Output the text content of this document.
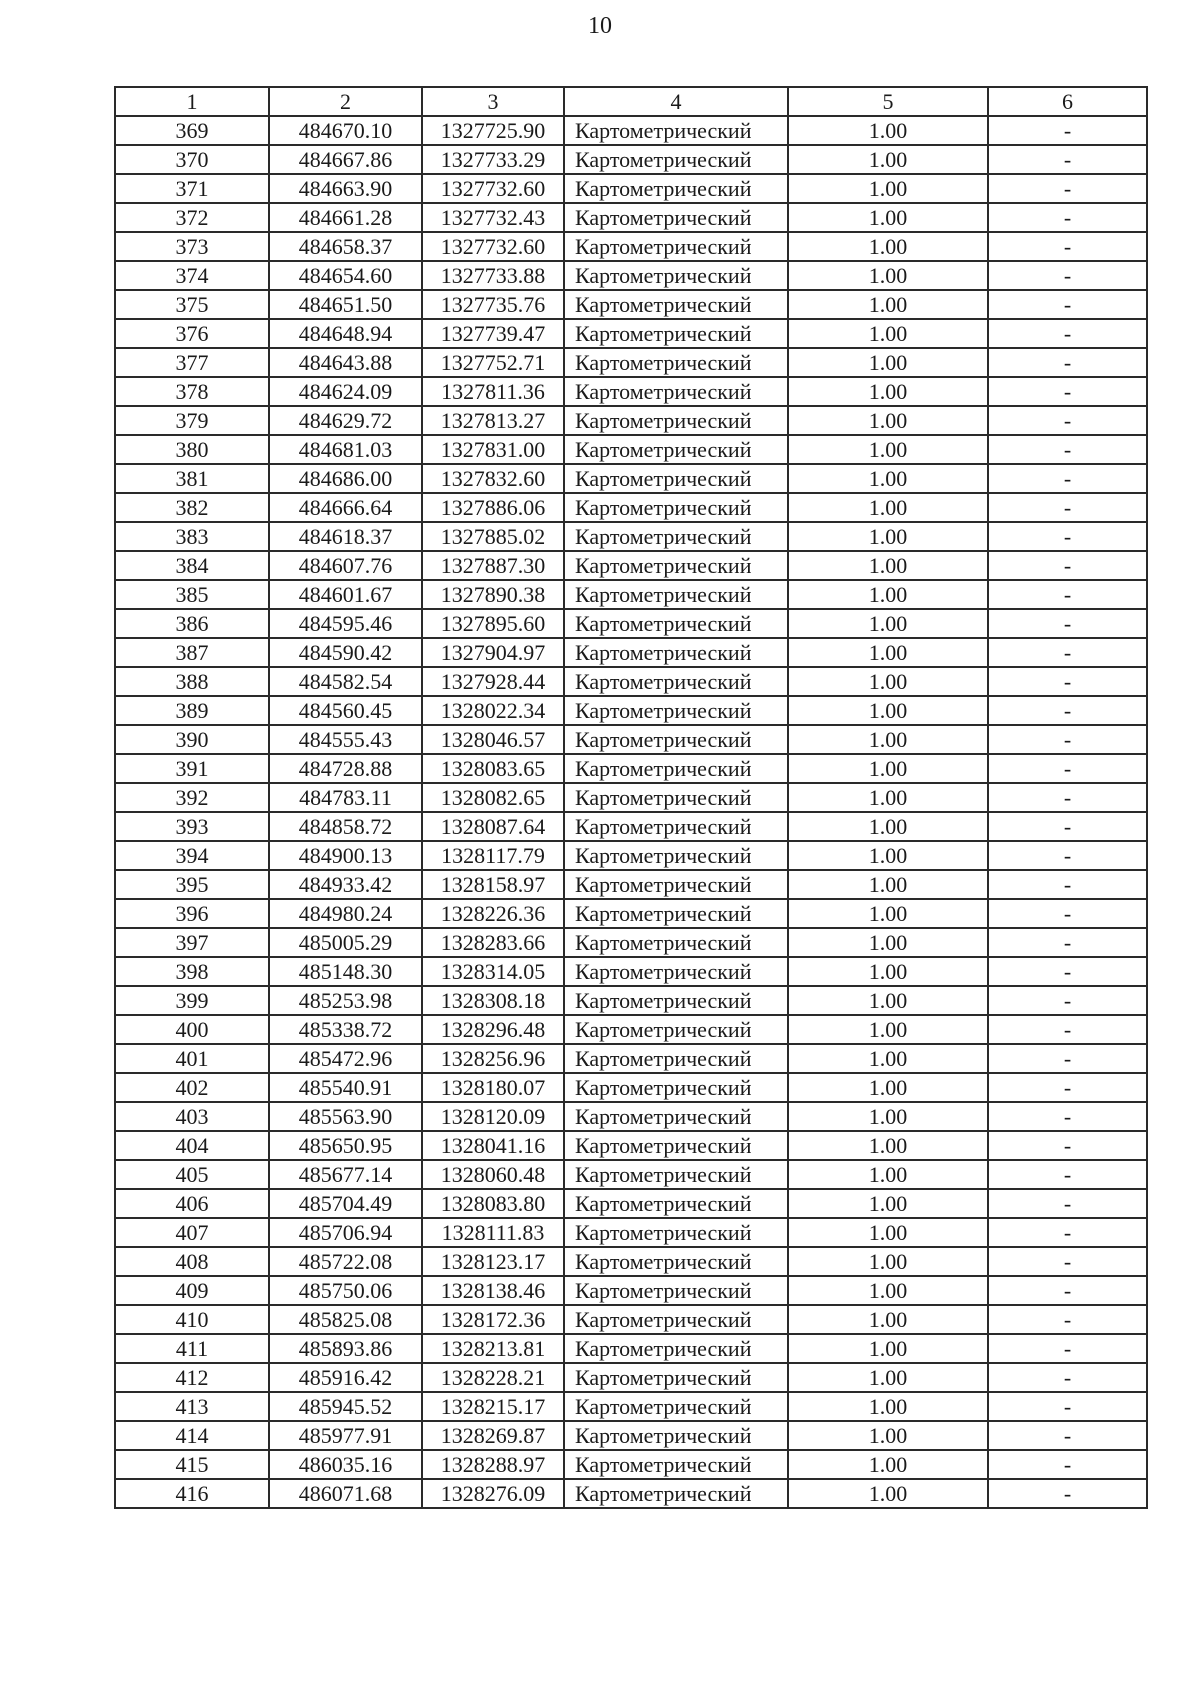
10
1	2	3	4	5	6
369	484670.10	1327725.90	Картометрический	1.00	-
370	484667.86	1327733.29	Картометрический	1.00	-
371	484663.90	1327732.60	Картометрический	1.00	-
372	484661.28	1327732.43	Картометрический	1.00	-
373	484658.37	1327732.60	Картометрический	1.00	-
374	484654.60	1327733.88	Картометрический	1.00	-
375	484651.50	1327735.76	Картометрический	1.00	-
376	484648.94	1327739.47	Картометрический	1.00	-
377	484643.88	1327752.71	Картометрический	1.00	-
378	484624.09	1327811.36	Картометрический	1.00	-
379	484629.72	1327813.27	Картометрический	1.00	-
380	484681.03	1327831.00	Картометрический	1.00	-
381	484686.00	1327832.60	Картометрический	1.00	-
382	484666.64	1327886.06	Картометрический	1.00	-
383	484618.37	1327885.02	Картометрический	1.00	-
384	484607.76	1327887.30	Картометрический	1.00	-
385	484601.67	1327890.38	Картометрический	1.00	-
386	484595.46	1327895.60	Картометрический	1.00	-
387	484590.42	1327904.97	Картометрический	1.00	-
388	484582.54	1327928.44	Картометрический	1.00	-
389	484560.45	1328022.34	Картометрический	1.00	-
390	484555.43	1328046.57	Картометрический	1.00	-
391	484728.88	1328083.65	Картометрический	1.00	-
392	484783.11	1328082.65	Картометрический	1.00	-
393	484858.72	1328087.64	Картометрический	1.00	-
394	484900.13	1328117.79	Картометрический	1.00	-
395	484933.42	1328158.97	Картометрический	1.00	-
396	484980.24	1328226.36	Картометрический	1.00	-
397	485005.29	1328283.66	Картометрический	1.00	-
398	485148.30	1328314.05	Картометрический	1.00	-
399	485253.98	1328308.18	Картометрический	1.00	-
400	485338.72	1328296.48	Картометрический	1.00	-
401	485472.96	1328256.96	Картометрический	1.00	-
402	485540.91	1328180.07	Картометрический	1.00	-
403	485563.90	1328120.09	Картометрический	1.00	-
404	485650.95	1328041.16	Картометрический	1.00	-
405	485677.14	1328060.48	Картометрический	1.00	-
406	485704.49	1328083.80	Картометрический	1.00	-
407	485706.94	1328111.83	Картометрический	1.00	-
408	485722.08	1328123.17	Картометрический	1.00	-
409	485750.06	1328138.46	Картометрический	1.00	-
410	485825.08	1328172.36	Картометрический	1.00	-
411	485893.86	1328213.81	Картометрический	1.00	-
412	485916.42	1328228.21	Картометрический	1.00	-
413	485945.52	1328215.17	Картометрический	1.00	-
414	485977.91	1328269.87	Картометрический	1.00	-
415	486035.16	1328288.97	Картометрический	1.00	-
416	486071.68	1328276.09	Картометрический	1.00	-
